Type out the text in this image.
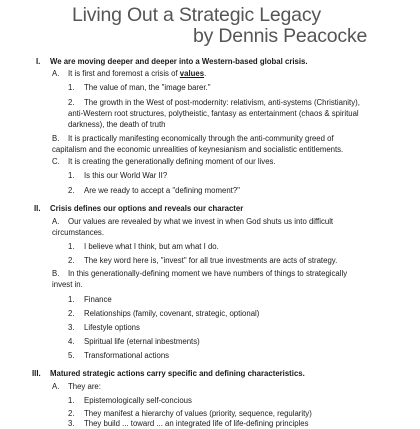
Living Out a Strategic Legacy
by Dennis Peacocke
I. We are moving deeper and deeper into a Western-based global crisis.
A. It is first and foremost a crisis of values.
1. The value of man, the "image barer."
2. The growth in the West of post-modernity: relativism, anti-systems (Christianity),
anti-Western root structures, polytheistic, fantasy as entertainment (chaos & spiritual
darkness), the death of truth
B. It is practically manifesting economically through the anti-community greed of
capitalism and the economic unrealities of keynesianism and socialistic entitlements.
C. It is creating the generationally defining moment of our lives.
1. Is this our World War II?
2. Are we ready to accept a "defining moment?"
II. Crisis defines our options and reveals our character
A. Our values are revealed by what we invest in when God shuts us into difficult
circumstances.
1. I believe what I think, but am what I do.
2. The key word here is, "invest" for all true investments are acts of strategy.
B. In this generationally-defining moment we have numbers of things to strategically
invest in.
1. Finance
2. Relationships (family, covenant, strategic, optional)
3. Lifestyle options
4. Spiritual life (eternal inbestments)
5. Transformational actions
III. Matured strategic actions carry specific and defining characteristics.
A. They are:
1. Epistemologically self-concious
2. They manifest a hierarchy of values (priority, sequence, regularity)
3. They build ... toward ... an integrated life of life-defining principles
